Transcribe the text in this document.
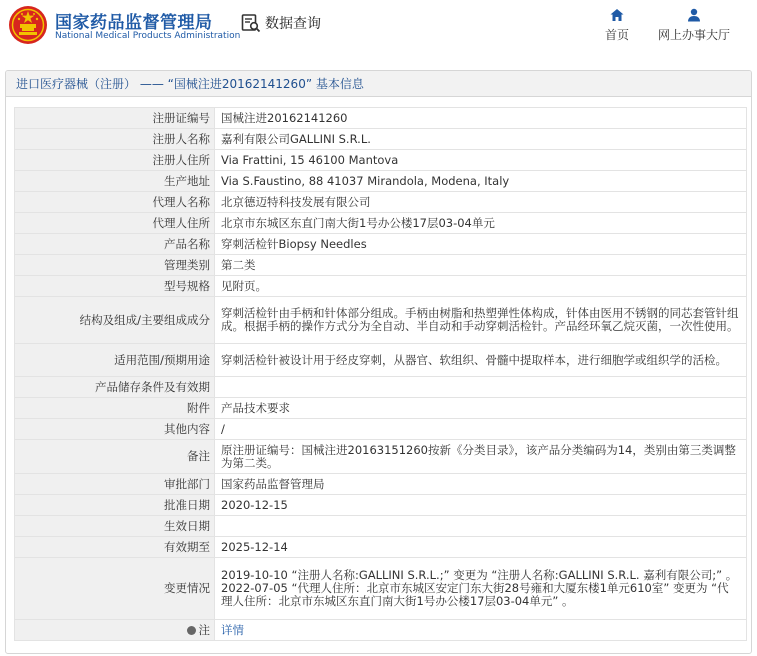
国家药品监督管理局
National Medical Products Administration
数据查询
首页	网上办事大厅
进口医疗器械（注册） —— “国械注进20162141260” 基本信息
注册证编号	国械注进20162141260
注册人名称	嘉利有限公司GALLINI S.R.L.
注册人住所	Via Frattini, 15 46100 Mantova
生产地址	Via S.Faustino, 88 41037 Mirandola, Modena, Italy
代理人名称	北京德迈特科技发展有限公司
代理人住所	北京市东城区东直门南大街1号办公楼17层03-04单元
产品名称	穿刺活检针Biopsy Needles
管理类别	第二类
型号规格	见附页。
结构及组成/主要组成成分	穿刺活检针由手柄和针体部分组成。手柄由树脂和热塑弹性体构成，针体由医用不锈钢的同芯套管针组成。根据手柄的操作方式分为全自动、半自动和手动穿刺活检针。产品经环氧乙烷灭菌，一次性使用。
适用范围/预期用途	穿刺活检针被设计用于经皮穿刺，从器官、软组织、骨髓中提取样本，进行细胞学或组织学的活检。
产品储存条件及有效期	
附件	产品技术要求
其他内容	/
备注	原注册证编号：国械注进20163151260按新《分类目录》，该产品分类编码为14，类别由第三类调整为第二类。
审批部门	国家药品监督管理局
批准日期	2020-12-15
生效日期	
有效期至	2025-12-14
变更情况	2019-10-10 “注册人名称:GALLINI S.R.L.;” 变更为 “注册人名称:GALLINI S.R.L. 嘉利有限公司;” 。
2022-07-05 “代理人住所：北京市东城区安定门东大街28号雍和大厦东楼1单元610室” 变更为 “代理人住所：北京市东城区东直门南大街1号办公楼17层03-04单元” 。
注	详情
